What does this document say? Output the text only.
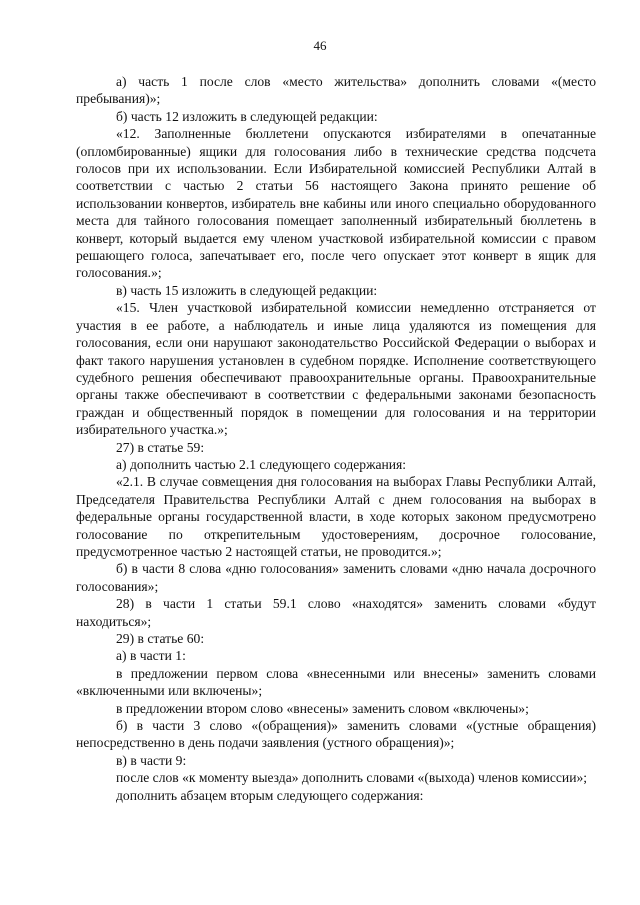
46

а) часть 1 после слов «место жительства» дополнить словами «(место пребывания)»;

б) часть 12 изложить в следующей редакции:

«12. Заполненные бюллетени опускаются избирателями в опечатанные (опломбированные) ящики для голосования либо в технические средства подсчета голосов при их использовании. Если Избирательной комиссией Республики Алтай в соответствии с частью 2 статьи 56 настоящего Закона принято решение об использовании конвертов, избиратель вне кабины или иного специально оборудованного места для тайного голосования помещает заполненный избирательный бюллетень в конверт, который выдается ему членом участковой избирательной комиссии с правом решающего голоса, запечатывает его, после чего опускает этот конверт в ящик для голосования.»;

в) часть 15 изложить в следующей редакции:

«15. Член участковой избирательной комиссии немедленно отстраняется от участия в ее работе, а наблюдатель и иные лица удаляются из помещения для голосования, если они нарушают законодательство Российской Федерации о выборах и факт такого нарушения установлен в судебном порядке. Исполнение соответствующего судебного решения обеспечивают правоохранительные органы. Правоохранительные органы также обеспечивают в соответствии с федеральными законами безопасность граждан и общественный порядок в помещении для голосования и на территории избирательного участка.»;

27) в статье 59:

а) дополнить частью 2.1 следующего содержания:

«2.1. В случае совмещения дня голосования на выборах Главы Республики Алтай, Председателя Правительства Республики Алтай с днем голосования на выборах в федеральные органы государственной власти, в ходе которых законом предусмотрено голосование по открепительным удостоверениям, досрочное голосование, предусмотренное частью 2 настоящей статьи, не проводится.»;

б) в части 8 слова «дню голосования» заменить словами «дню начала досрочного голосования»;

28) в части 1 статьи 59.1 слово «находятся» заменить словами «будут находиться»;

29) в статье 60:

а) в части 1:

в предложении первом слова «внесенными или внесены» заменить словами «включенными или включены»;

в предложении втором слово «внесены» заменить словом «включены»;

б) в части 3 слово «(обращения)» заменить словами «(устные обращения) непосредственно в день подачи заявления (устного обращения)»;

в) в части 9:

после слов «к моменту выезда» дополнить словами «(выхода) членов комиссии»;

дополнить абзацем вторым следующего содержания:
